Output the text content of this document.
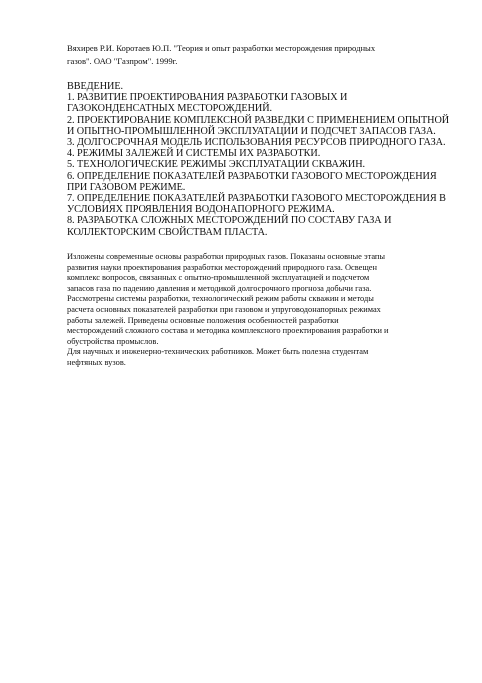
Вяхирев Р.И. Коротаев Ю.П. "Теория и опыт разработки месторождения природных
газов". ОАО "Газпром". 1999г.
ВВЕДЕНИЕ.
1. РАЗВИТИЕ ПРОЕКТИРОВАНИЯ РАЗРАБОТКИ ГАЗОВЫХ И
ГАЗОКОНДЕНСАТНЫХ МЕСТОРОЖДЕНИЙ.
2. ПРОЕКТИРОВАНИЕ КОМПЛЕКСНОЙ РАЗВЕДКИ С ПРИМЕНЕНИЕМ ОПЫТНОЙ
И ОПЫТНО-ПРОМЫШЛЕННОЙ ЭКСПЛУАТАЦИИ И ПОДСЧЕТ ЗАПАСОВ ГАЗА.
3. ДОЛГОСРОЧНАЯ МОДЕЛЬ ИСПОЛЬЗОВАНИЯ РЕСУРСОВ ПРИРОДНОГО ГАЗА.
4. РЕЖИМЫ ЗАЛЕЖЕЙ И СИСТЕМЫ ИХ РАЗРАБОТКИ.
5. ТЕХНОЛОГИЧЕСКИЕ РЕЖИМЫ ЭКСПЛУАТАЦИИ СКВАЖИН.
6. ОПРЕДЕЛЕНИЕ ПОКАЗАТЕЛЕЙ РАЗРАБОТКИ ГАЗОВОГО МЕСТОРОЖДЕНИЯ
ПРИ ГАЗОВОМ РЕЖИМЕ.
7. ОПРЕДЕЛЕНИЕ ПОКАЗАТЕЛЕЙ РАЗРАБОТКИ ГАЗОВОГО МЕСТОРОЖДЕНИЯ В
УСЛОВИЯХ ПРОЯВЛЕНИЯ ВОДОНАПОРНОГО РЕЖИМА.
8. РАЗРАБОТКА СЛОЖНЫХ МЕСТОРОЖДЕНИЙ ПО СОСТАВУ ГАЗА И
КОЛЛЕКТОРСКИМ СВОЙСТВАМ ПЛАСТА.
Изложены современные основы разработки природных газов. Показаны основные этапы
развития науки проектирования разработки месторождений природного газа. Освещен
комплекс вопросов, связанных с опытно-промышленной эксплуатацией и подсчетом
запасов газа по падению давления и методикой долгосрочного прогноза добычи газа.
Рассмотрены системы разработки, технологический режим работы скважин и методы
расчета основных показателей разработки при газовом и упруговодонапорных режимах
работы залежей. Приведены основные положения особенностей разработки
месторождений сложного состава и методика комплексного проектирования разработки и
обустройства промыслов.
Для научных и инженерно-технических работников. Может быть полезна студентам
нефтяных вузов.
